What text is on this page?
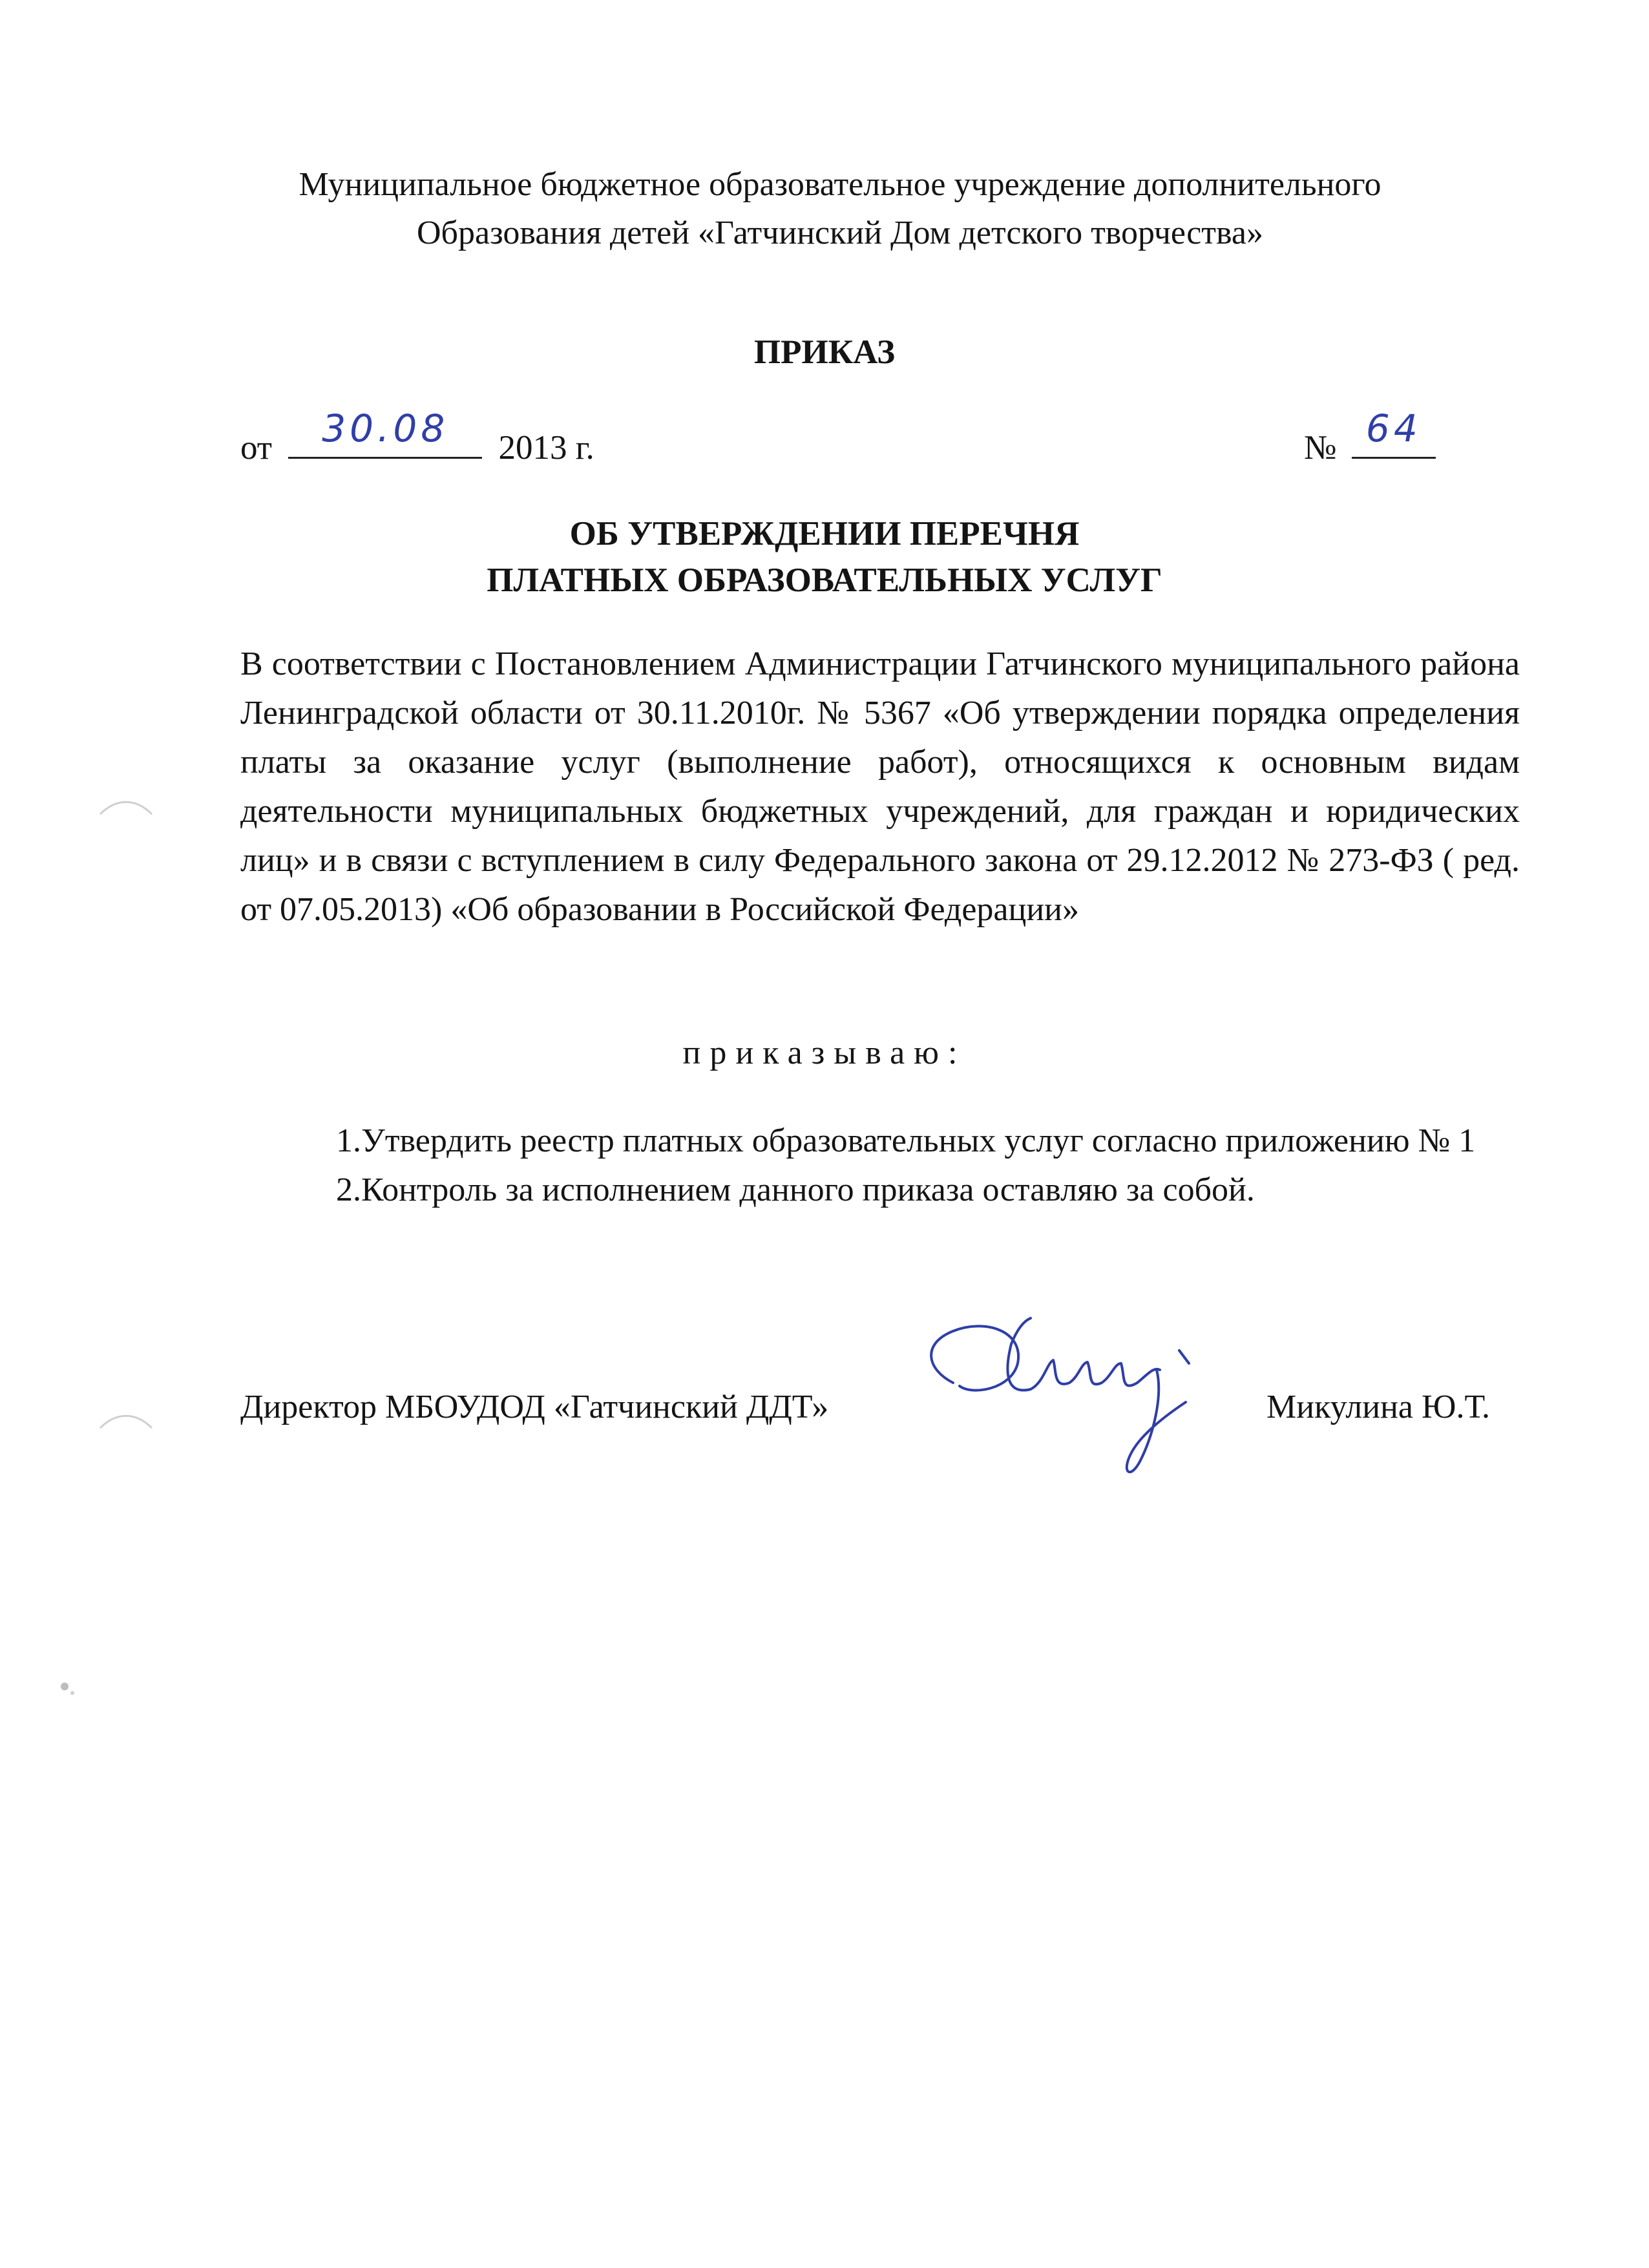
Муниципальное бюджетное образовательное учреждение дополнительного
Образования детей «Гатчинский Дом детского творчества»
ПРИКАЗ
от	30.08	2013 г.	№ 64
ОБ УТВЕРЖДЕНИИ ПЕРЕЧНЯ
ПЛАТНЫХ ОБРАЗОВАТЕЛЬНЫХ УСЛУГ

В соответствии с Постановлением Администрации Гатчинского муниципального района Ленинградской области от 30.11.2010г. № 5367 «Об утверждении порядка определения платы за оказание услуг (выполнение работ), относящихся к основным видам деятельности муниципальных бюджетных учреждений, для граждан и юридических лиц» и в связи с вступлением в силу Федерального закона от 29.12.2012 № 273-ФЗ ( ред. от 07.05.2013) «Об образовании в Российской Федерации»

приказываю:
1.Утвердить реестр платных образовательных услуг согласно приложению № 1
2.Контроль за исполнением данного приказа оставляю за собой.
Директор МБОУДОД «Гатчинский ДДТ»	Микулина Ю.Т.
